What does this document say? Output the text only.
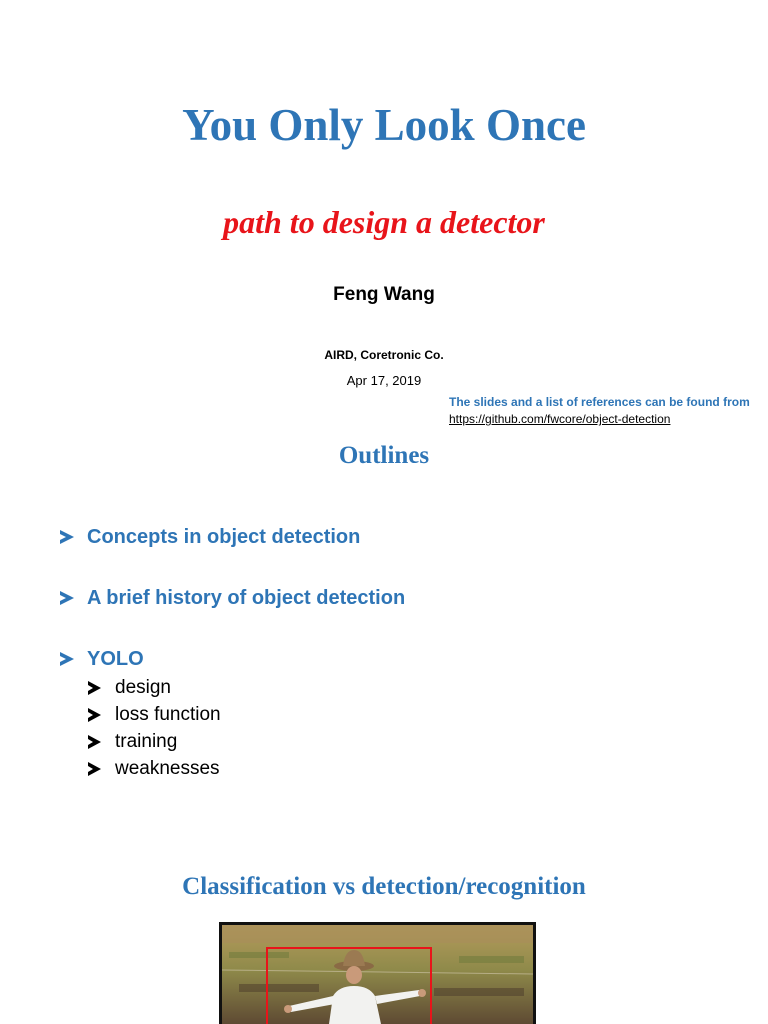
You Only Look Once
path to design a detector
Feng Wang
AIRD, Coretronic Co.
Apr 17, 2019
The slides and a list of references can be found from
https://github.com/fwcore/object-detection
Outlines
Concepts in object detection
A brief history of object detection
YOLO
design
loss function
training
weaknesses
Classification vs detection/recognition
